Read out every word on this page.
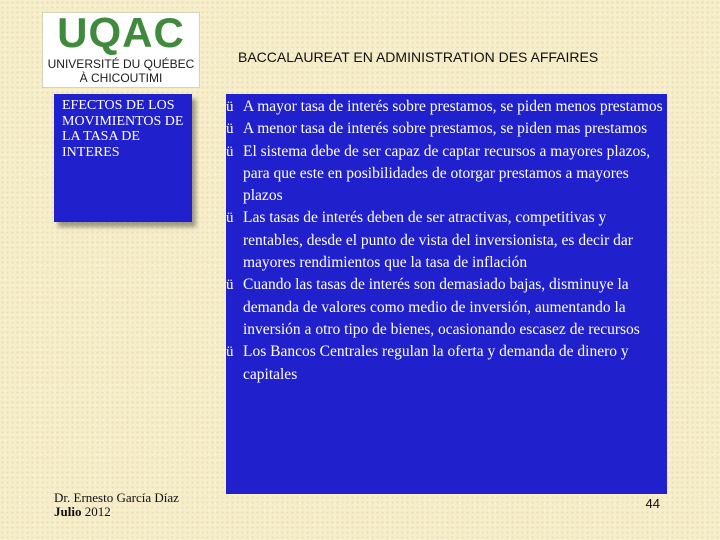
UQAC
UNIVERSITÉ DU QUÉBEC
À CHICOUTIMI
BACCALAUREAT EN ADMINISTRATION DES AFFAIRES
EFECTOS DE LOS MOVIMIENTOS DE LA TASA DE INTERES
ü A mayor tasa de interés sobre prestamos, se piden menos prestamos
ü A menor tasa de interés sobre prestamos, se piden mas prestamos
ü El sistema debe de ser capaz de captar recursos a mayores plazos, para que este en posibilidades de otorgar prestamos a mayores plazos
ü Las tasas de interés deben de ser atractivas, competitivas y rentables, desde el punto de vista del inversionista, es decir dar mayores rendimientos que la tasa de inflación
ü Cuando las tasas de interés son demasiado bajas, disminuye la demanda de valores como medio de inversión, aumentando la inversión a otro tipo de bienes, ocasionando escasez de recursos
ü Los Bancos Centrales regulan la oferta y demanda de dinero y capitales
Dr. Ernesto García Díaz
Julio 2012
44
